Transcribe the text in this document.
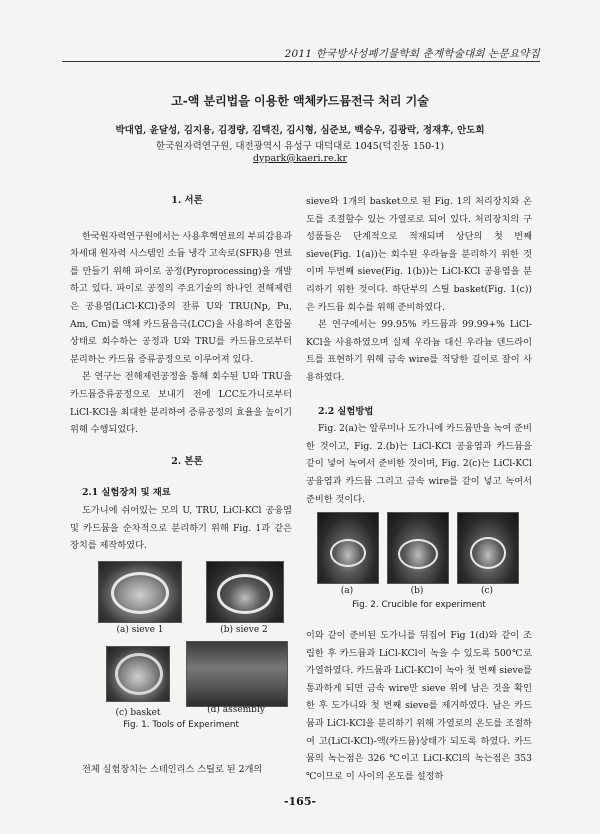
2011 한국방사성폐기물학회 춘계학술대회 논문요약집
고-액 분리법을 이용한 액체카드뮴전극 처리 기술
박대엽, 윤달성, 김지용, 김경량, 김택진, 김시형, 심준보, 백승우, 김광락, 정재후, 안도희
한국원자력연구원, 대전광역시 유성구 대덕대로 1045(덕진동 150-1)
dypark@kaeri.re.kr

1. 서론

한국원자력연구원에서는 사용후핵연료의 부피감용과 차세대 원자력 시스템인 소듐 냉각 고속로(SFR)용 연료를 만들기 위해 파이로 공정(Pyroprocessing)을 개발하고 있다. 파이로 공정의 주요기술의 하나인 전해제련은 공용염(LiCl-KCl)중의 잔류 U와 TRU(Np, Pu, Am, Cm)를 액체 카드뮴음극(LCC)을 사용하여 혼합물 상태로 회수하는 공정과 U와 TRU를 카드뮴으로부터 분리하는 카드뮴 증류공정으로 이루어져 있다.

본 연구는 전해제련공정을 통해 회수된 U와 TRU을 카드뮴증류공정으로 보내기 전에 LCC도가니로부터 LiCl-KCl을 최대한 분리하여 증류공정의 효율을 높이기 위해 수행되었다.

2. 본론

2.1 실험장치 및 재료

도가니에 쉬어있는 모의 U, TRU, LiCl-KCl 공융염 및 카드뮴을 순차적으로 분리하기 위해 Fig. 1과 같은 장치를 제작하였다.

(a) sieve 1	(b) sieve 2
(c) basket	(d) assembly
Fig. 1. Tools of Experiment

전체 실험장치는 스테인리스 스틸로 된 2개의

sieve와 1개의 basket으로 된 Fig. 1의 처리장치와 온도를 조절할수 있는 가열로로 되어 있다. 처리장치의 구성품들은 단계적으로 적재되며 상단의 첫 번째 sieve(Fig. 1(a))는 회수된 우라늄을 분리하기 위한 것이며 두번째 sieve(Fig. 1(b))는 LiCl-KCl 공용염을 분리하기 위한 것이다. 하단부의 스틸 basket(Fig. 1(c))은 카드뮴 회수를 위해 준비하였다.

본 연구에서는 99.95% 카드뮴과 99.99+% LiCl-KCl을 사용하였으며 실제 우라늄 대신 우라늄 덴드라이트를 표현하기 위해 금속 wire를 적당한 길이로 잘이 사용하였다.

2.2 실험방법

Fig. 2(a)는 알루미나 도가니에 카드뮴만을 녹여 준비한 것이고, Fig. 2.(b)는 LiCl-KCl 공융염과 카드뮴을 같이 넣어 녹여서 준비한 것이며, Fig. 2(c)는 LiCl-KCl 공융염과 카드뮴 그리고 금속 wire를 같이 넣고 녹여서 준비한 것이다.

(a)	(b)	(c)
Fig. 2. Crucible for experiment

이와 같이 준비된 도가니를 뒤집어 Fig 1(d)와 같이 조립한 후 카드뮴과 LiCl-KCl이 녹을 수 있도록 500℃로 가열하였다. 카드뮴과 LiCl-KCl이 녹아 첫 번째 sieve를 통과하게 되면 금속 wire만 sieve 위에 남은 것을 확인한 후 도가니와 첫 번째 sieve를 제거하였다. 남은 카드뮴과 LiCl-KCl을 분리하기 위해 가열로의 온도를 조절하여 고(LiCl-KCl)-액(카드뮴)상태가 되도록 하였다. 카드뮴의 녹는점은 326 ℃이고 LiCl-KCl의 녹는점은 353 ℃이므로 이 사이의 온도를 설정하

-165-
